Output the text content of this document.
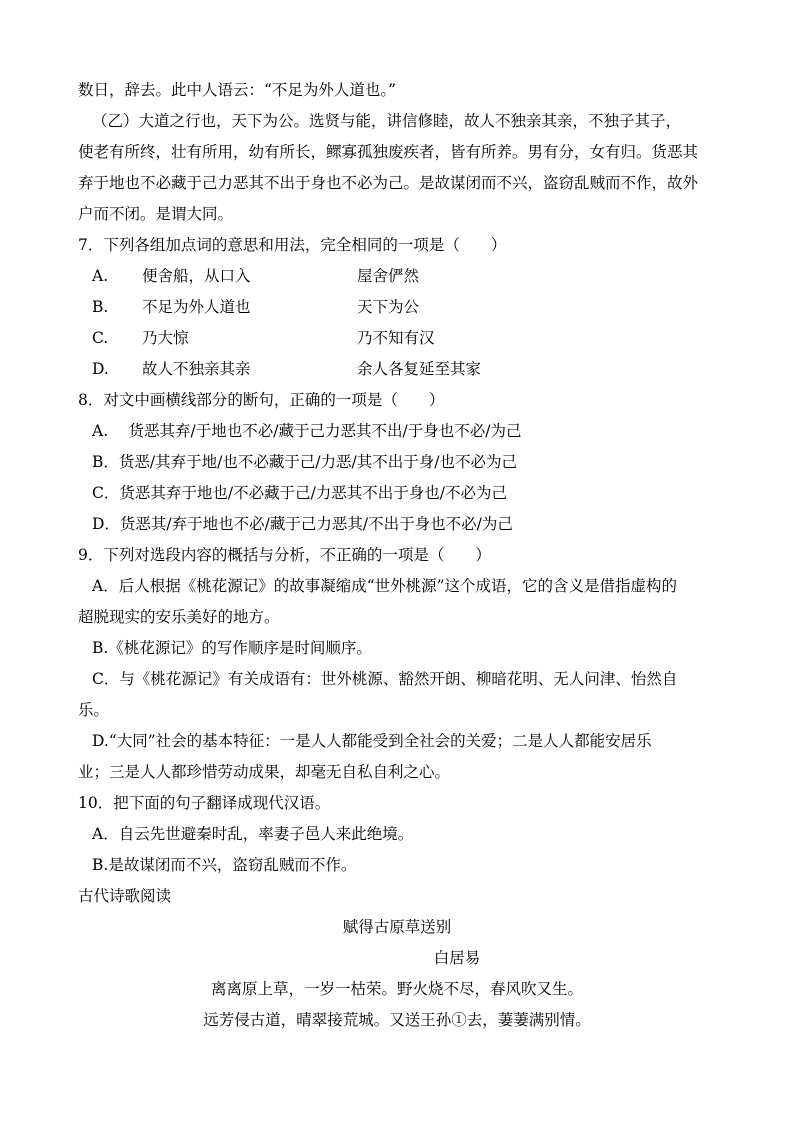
数日，辞去。此中人语云：“不足为外人道也。”
（乙）大道之行也，天下为公。选贤与能，讲信修睦，故人不独亲其亲，不独子其子，
使老有所终，壮有所用，幼有所长，鳏寡孤独废疾者，皆有所养。男有分，女有归。货恶其
弃于地也不必藏于己力恶其不出于身也不必为己。是故谋闭而不兴，盗窃乱贼而不作，故外
户而不闭。是谓大同。
7．下列各组加点词的意思和用法，完全相同的一项是（　　）
A. 便舍船，从口入	屋舍俨然
B. 不足为外人道也	天下为公
C. 乃大惊	乃不知有汉
D. 故人不独亲其亲	余人各复延至其家
8．对文中画横线部分的断句，正确的一项是（　　）
A.　 货恶其弃/于地也不必/藏于己力恶其不出/于身也不必/为己
B．货恶/其弃于地/也不必藏于己/力恶/其不出于身/也不必为己
C．货恶其弃于地也/不必藏于己/力恶其不出于身也/不必为己
D．货恶其/弃于地也不必/藏于己力恶其/不出于身也不必/为己
9．下列对选段内容的概括与分析，不正确的一项是（　　）
A．后人根据《桃花源记》的故事凝缩成“世外桃源”这个成语，它的含义是借指虚构的
超脱现实的安乐美好的地方。
B.《桃花源记》的写作顺序是时间顺序。
C．与《桃花源记》有关成语有：世外桃源、豁然开朗、柳暗花明、无人问津、怡然自
乐。
D.“大同”社会的基本特征：一是人人都能受到全社会的关爱；二是人人都能安居乐
业；三是人人都珍惜劳动成果，却毫无自私自利之心。
10．把下面的句子翻译成现代汉语。
A．自云先世避秦时乱，率妻子邑人来此绝境。
B.是故谋闭而不兴，盗窃乱贼而不作。
古代诗歌阅读
赋得古原草送别
白居易
离离原上草，一岁一枯荣。野火烧不尽，春风吹又生。
远芳侵古道，晴翠接荒城。又送王孙①去，萋萋满别情。
